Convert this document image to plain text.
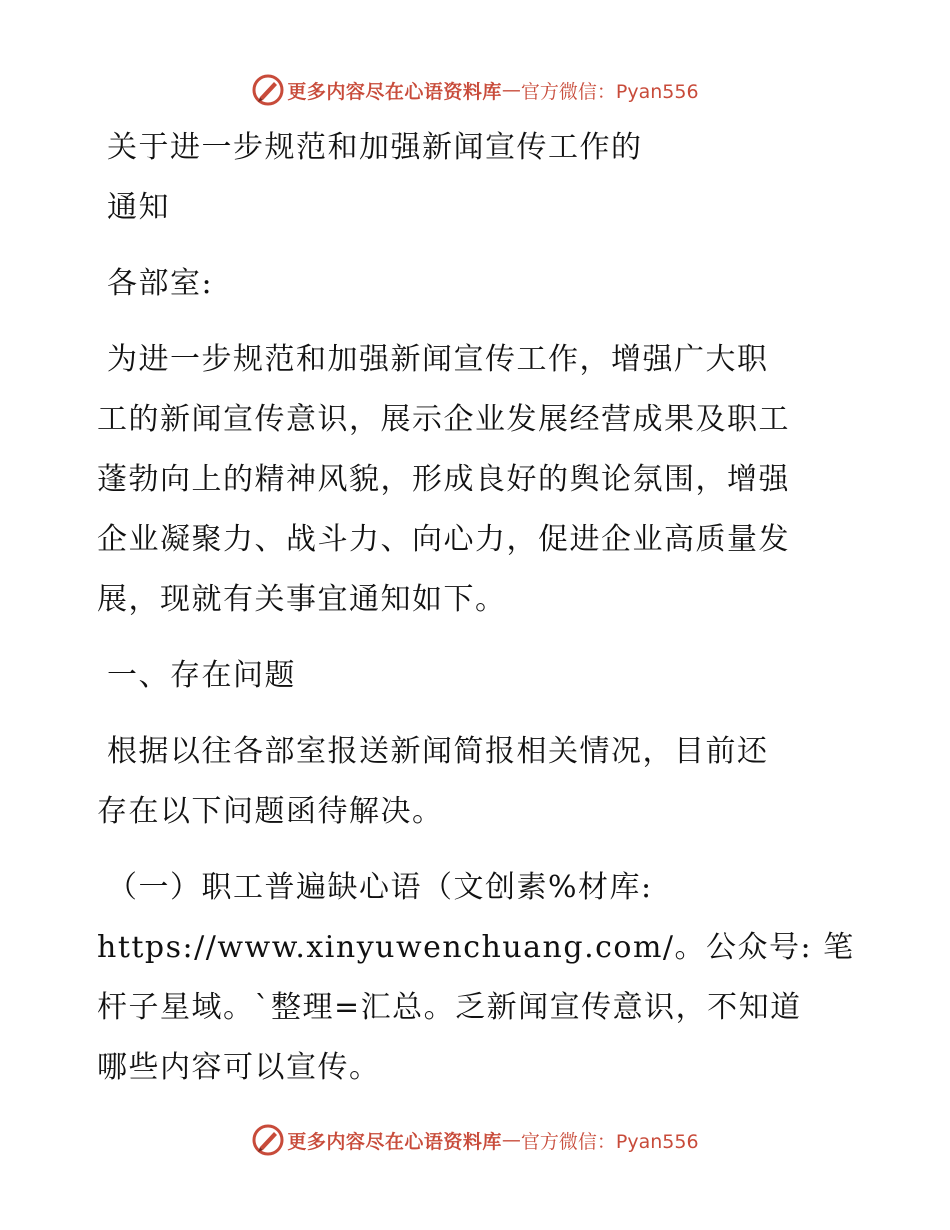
更多内容尽在心语资料库 — 官方微信：Pyan556
关于进一步规范和加强新闻宣传工作的
通知
各部室:
为进一步规范和加强新闻宣传工作，增强广大职
工的新闻宣传意识，展示企业发展经营成果及职工
蓬勃向上的精神风貌，形成良好的舆论氛围，增强
企业凝聚力、战斗力、向心力，促进企业高质量发
展，现就有关事宜通知如下。
一、存在问题
根据以往各部室报送新闻简报相关情况，目前还
存在以下问题函待解决。
（一）职工普遍缺心语（文创素%材库:
https://www.xinyuwenchuang.com/。公众号: 笔
杆子星域。`整理=汇总。乏新闻宣传意识，不知道
哪些内容可以宣传。
更多内容尽在心语资料库 — 官方微信：Pyan556
